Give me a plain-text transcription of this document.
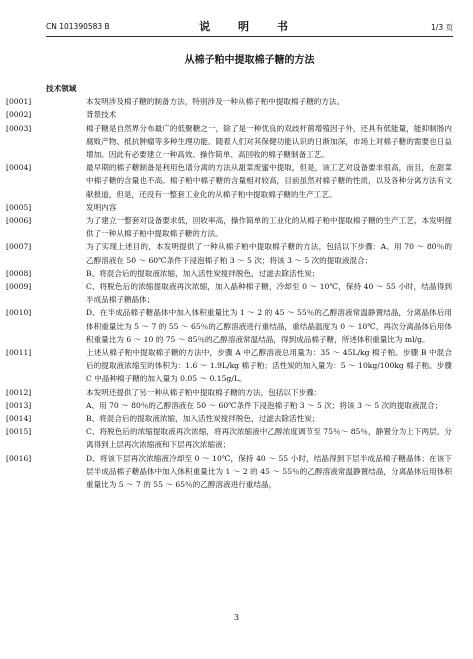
CN 101390583 B	说 明 书	1/3 页
从棉子粕中提取棉子糖的方法

技术领域

[0001]	本发明涉及棉子糖的制备方法，特别涉及一种从棉子粕中提取棉子糖的方法。

[0002]	背景技术

[0003]	棉子糖是自然界分布最广的低聚糖之一，除了是一种优良的双歧杆菌增殖因子外，还具有低能量，能抑制肠内腐败产物、抵抗肿瘤等多种生理功能。随着人们对其保健功能认识的日渐加深，市场上对棉子糖的需要也日益增加。因此有必要建立一种高效、操作简单、高回收的棉子糖制备工艺。

[0004]	最早期的棉子糖制备是利用色谱分离的方法从甜菜废蜜中提取，但是，该工艺对设备要求很高，而且，在甜菜中棉子糖的含量也不高。棉子粕中棉子糖的含量相对较高，目前虽然对棉子糖的性质，以及各种分离方法有文献报道，但是，还没有一整套工业化的从棉子粕中提取棉子糖的生产工艺。

[0005]	发明内容

[0006]	为了建立一整套对设备要求低，回收率高，操作简单的工业化的从棉子粕中提取棉子糖的生产工艺，本发明提供了一种从棉子粕中提取棉子糖的方法。

[0007]	为了实现上述目的，本发明提供了一种从棉子粕中提取棉子糖的方法，包括以下步骤：A、用 70 ～ 80％的乙醇溶液在 50 ～ 60℃条件下浸泡棉子粕 3 ～ 5 次；将该 3 ～ 5 次的提取液混合；

[0008]	B、将混合后的提取液浓缩，加入活性炭搅拌脱色，过滤去除活性炭；

[0009]	C、将脱色后的浓缩提取液再次浓缩，加入晶种棉子糖，冷却至 0 ～ 10℃，保持 40 ～ 55 小时，结晶得到半成品棉子糖晶体；

[0010]	D、在半成品棉子糖晶体中加入体积重量比为 1 ～ 2 的 45 ～ 55％的乙醇溶液常温静置结晶，分离晶体后用体积重量比为 5 ～ 7 的 55 ～ 65％的乙醇溶液进行重结晶，重结晶温度为 0 ～ 10℃，再次分离晶体后用体积重量比为 6 ～ 10 的 75 ～ 85％的乙醇溶液常温结晶，得到成品棉子糖，所述体积重量比为 ml/g。

[0011]	上述从棉子粕中提取棉子糖的方法中，步骤 A 中乙醇溶液总用量为：35 ～ 45L/kg 棉子粕。步骤 B 中混合后的提取液浓缩至的体积为：1.6 ～ 1.9L/kg 棉子粕；活性炭的加入量为：5 ～ 10kg/100kg 棉子粕。步骤 C 中晶种棉子糖的加入量为 0.05 ～ 0.15g/L。

[0012]	本发明还提供了另一种从棉子粕中提取棉子糖的方法，包括以下步骤：

[0013]	A、用 70 ～ 80％的乙醇溶液在 50 ～ 60℃条件下浸泡棉子粕 3 ～ 5 次；将该 3 ～ 5 次的提取液混合；

[0014]	B、将混合后的提取液浓缩，加入活性炭搅拌脱色，过滤去除活性炭；

[0015]	C、将脱色后的浓缩提取液再次浓缩，将再次浓缩液中乙醇浓度调节至 75％～ 85％，静置分为上下两层，分离得到上层再次浓缩液和下层再次浓缩液；

[0016]	D、将该下层再次浓缩液冷却至 0 ～ 10℃，保持 40 ～ 55 小时，结晶得到下层半成品棉子糖晶体；在该下层半成品棉子糖晶体中加入体积重量比为 1 ～ 2 的 45 ～ 55％的乙醇溶液常温静置结晶，分离晶体后用体积重量比为 5 ～ 7 的 55 ～ 65％的乙醇溶液进行重结晶，

3
